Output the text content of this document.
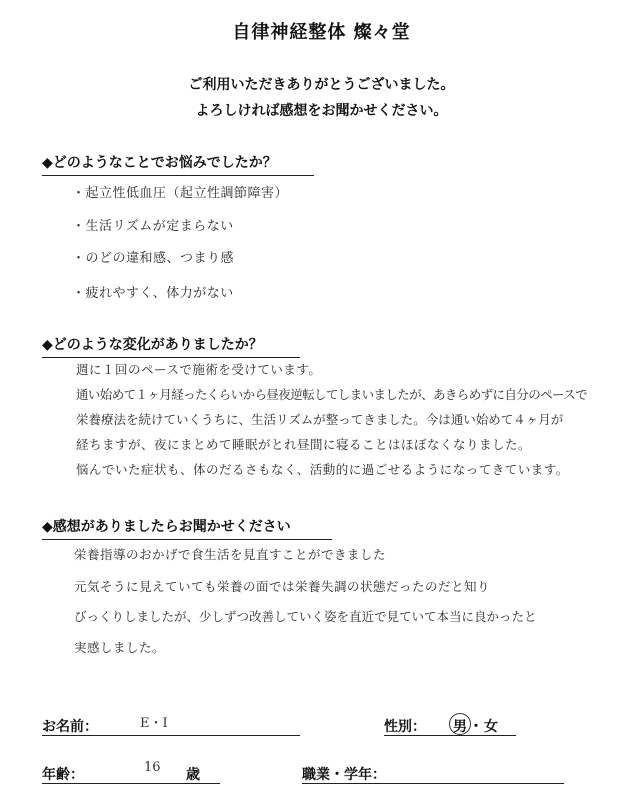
自律神経整体 燦々堂
ご利用いただきありがとうございました。
よろしければ感想をお聞かせください。
◆どのようなことでお悩みでしたか？
・起立性低血圧（起立性調節障害）
・生活リズムが定まらない
・のどの違和感、つまり感
・疲れやすく、体力がない
◆どのような変化がありましたか？
週に１回のペースで施術を受けています。
通い始めて１ヶ月経ったくらいから昼夜逆転してしまいましたが、あきらめずに自分のペースで
栄養療法を続けていくうちに、生活リズムが整ってきました。今は通い始めて４ヶ月が
経ちますが、夜にまとめて睡眠がとれ昼間に寝ることはほぼなくなりました。
悩んでいた症状も、体のだるさもなく、活動的に過ごせるようになってきています。
◆感想がありましたらお聞かせください
栄養指導のおかげで食生活を見直すことができました
元気そうに見えていても栄養の面では栄養失調の状態だったのだと知り
びっくりしましたが、少しずつ改善していく姿を直近で見ていて本当に良かったと
実感しました。
お名前：	E・I	性別： 男 ・ 女
年齢：	16 歳	職業・学年：
